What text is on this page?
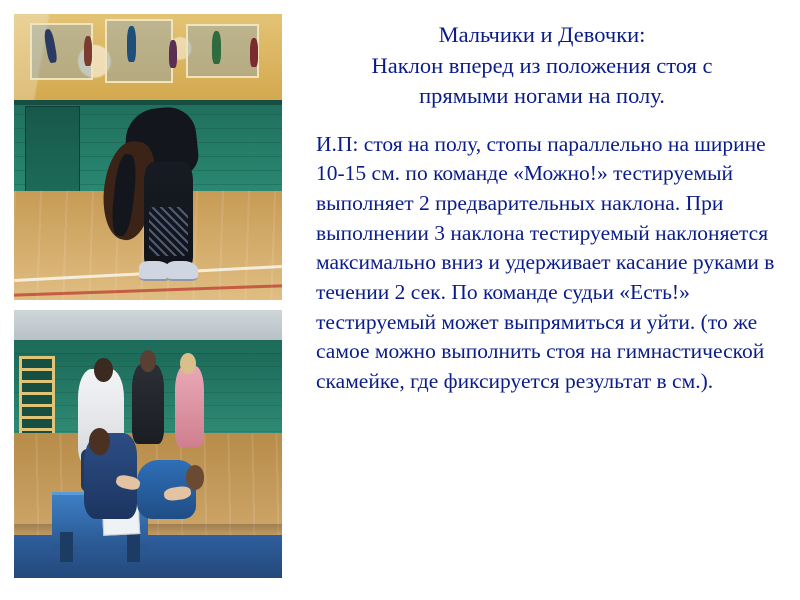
Мальчики и Девочки:
Наклон вперед из положения стоя с
прямыми ногами на полу.

И.П: стоя на полу, стопы параллельно на ширине 10-15 см. по команде «Можно!» тестируемый выполняет 2 предварительных наклона. При выполнении 3 наклона тестируемый наклоняется максимально вниз и удерживает касание руками в течении 2 сек. По команде судьи «Есть!» тестируемый может выпрямиться и уйти. (то же самое можно выполнить стоя на гимнастической скамейке, где фиксируется результат в см.).
